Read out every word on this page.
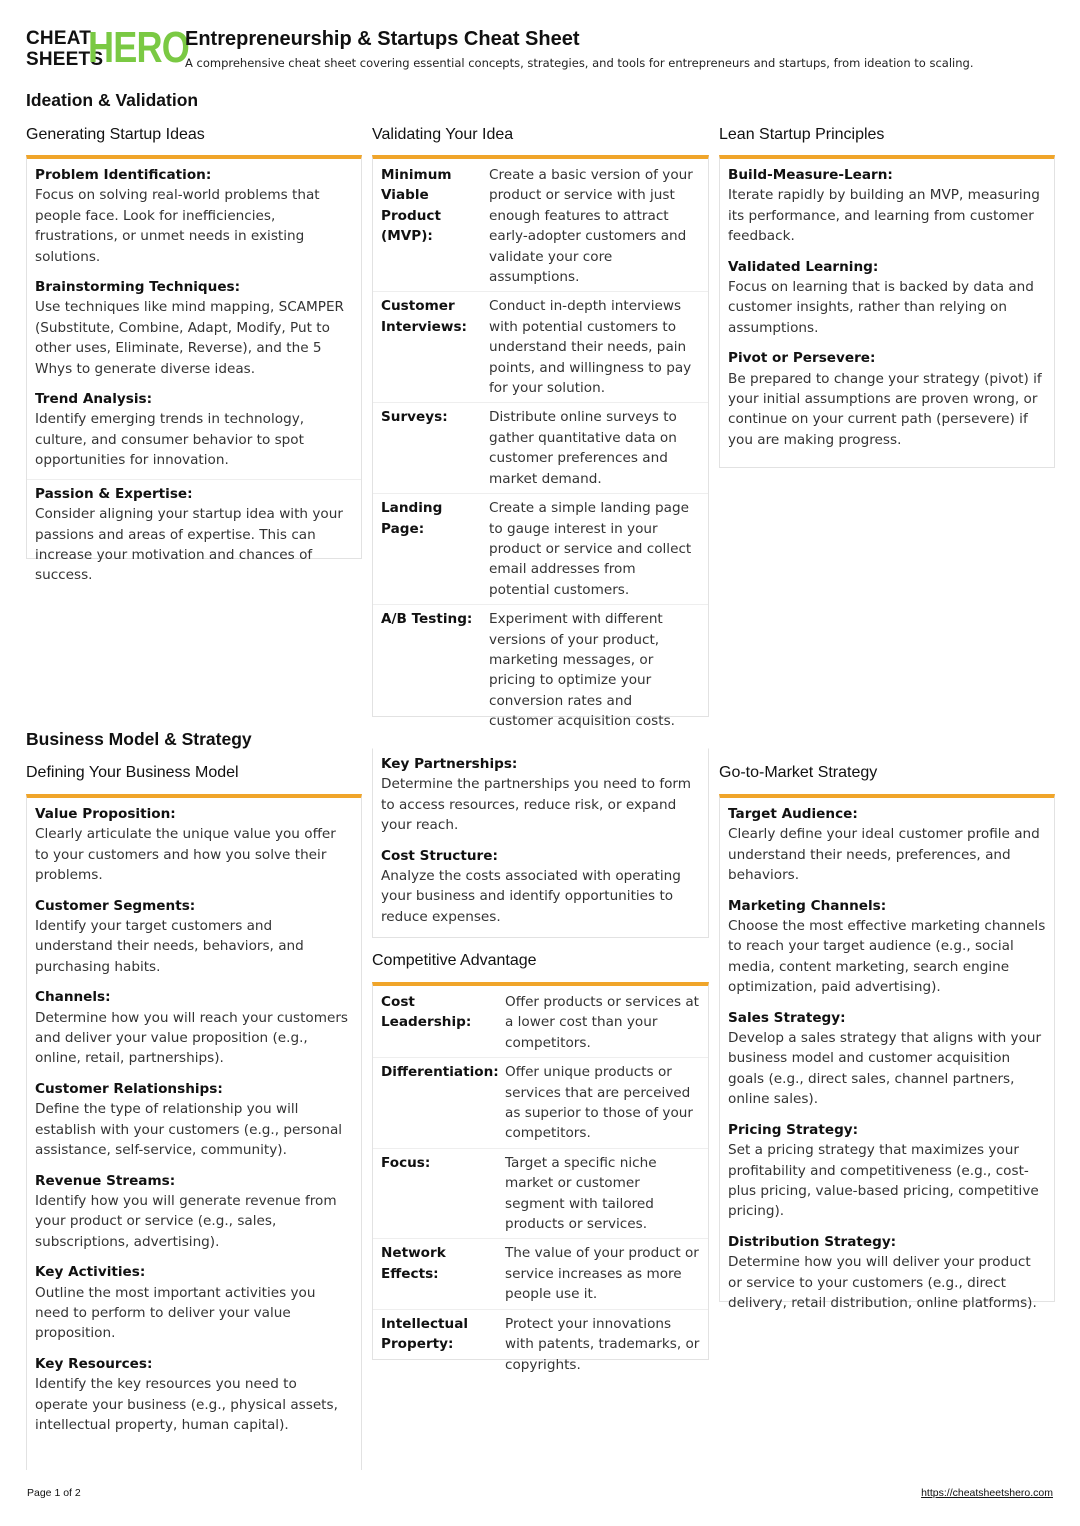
CHEAT
SHEETS
HERO
Entrepreneurship & Startups Cheat Sheet
A comprehensive cheat sheet covering essential concepts, strategies, and tools for entrepreneurs and startups, from ideation to scaling.
Ideation & Validation
Generating Startup Ideas
Problem Identification:
Focus on solving real-world problems that people face. Look for inefficiencies, frustrations, or unmet needs in existing solutions.
Brainstorming Techniques:
Use techniques like mind mapping, SCAMPER (Substitute, Combine, Adapt, Modify, Put to other uses, Eliminate, Reverse), and the 5 Whys to generate diverse ideas.
Trend Analysis:
Identify emerging trends in technology, culture, and consumer behavior to spot opportunities for innovation.
Passion & Expertise:
Consider aligning your startup idea with your passions and areas of expertise. This can increase your motivation and chances of success.
Validating Your Idea
Minimum Viable Product (MVP):
Create a basic version of your product or service with just enough features to attract early-adopter customers and validate your core assumptions.
Customer Interviews:
Conduct in-depth interviews with potential customers to understand their needs, pain points, and willingness to pay for your solution.
Surveys:	Distribute online surveys to gather quantitative data on customer preferences and market demand.
Landing Page:
Create a simple landing page to gauge interest in your product or service and collect email addresses from potential customers.
A/B Testing:	Experiment with different versions of your product, marketing messages, or pricing to optimize your conversion rates and customer acquisition costs.
Lean Startup Principles
Build-Measure-Learn:
Iterate rapidly by building an MVP, measuring its performance, and learning from customer feedback.
Validated Learning:
Focus on learning that is backed by data and customer insights, rather than relying on assumptions.
Pivot or Persevere:
Be prepared to change your strategy (pivot) if your initial assumptions are proven wrong, or continue on your current path (persevere) if you are making progress.
Business Model & Strategy
Defining Your Business Model
Value Proposition:
Clearly articulate the unique value you offer to your customers and how you solve their problems.
Customer Segments:
Identify your target customers and understand their needs, behaviors, and purchasing habits.
Channels:
Determine how you will reach your customers and deliver your value proposition (e.g., online, retail, partnerships).
Customer Relationships:
Define the type of relationship you will establish with your customers (e.g., personal assistance, self-service, community).
Revenue Streams:
Identify how you will generate revenue from your product or service (e.g., sales, subscriptions, advertising).
Key Activities:
Outline the most important activities you need to perform to deliver your value proposition.
Key Resources:
Identify the key resources you need to operate your business (e.g., physical assets, intellectual property, human capital).
Key Partnerships:
Determine the partnerships you need to form to access resources, reduce risk, or expand your reach.
Cost Structure:
Analyze the costs associated with operating your business and identify opportunities to reduce expenses.
Competitive Advantage
Cost Leadership:
Offer products or services at a lower cost than your competitors.
Differentiation: Offer unique products or services that are perceived as superior to those of your competitors.
Focus:	Target a specific niche market or customer segment with tailored products or services.
Network Effects:
The value of your product or service increases as more people use it.
Intellectual Property:
Protect your innovations with patents, trademarks, or copyrights.
Go-to-Market Strategy
Target Audience:
Clearly define your ideal customer profile and understand their needs, preferences, and behaviors.
Marketing Channels:
Choose the most effective marketing channels to reach your target audience (e.g., social media, content marketing, search engine optimization, paid advertising).
Sales Strategy:
Develop a sales strategy that aligns with your business model and customer acquisition goals (e.g., direct sales, channel partners, online sales).
Pricing Strategy:
Set a pricing strategy that maximizes your profitability and competitiveness (e.g., cost-plus pricing, value-based pricing, competitive pricing).
Distribution Strategy:
Determine how you will deliver your product or service to your customers (e.g., direct delivery, retail distribution, online platforms).
Page 1 of 2	https://cheatsheetshero.com
